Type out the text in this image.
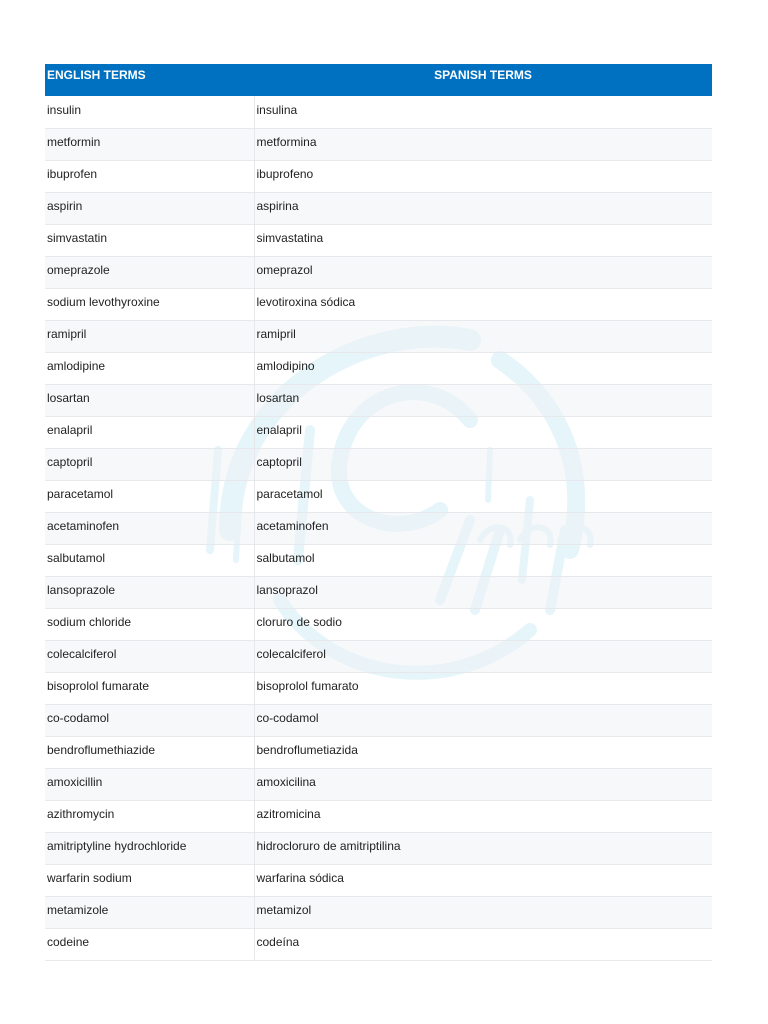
ENGLISH TERMS	SPANISH TERMS
insulin	insulina
metformin	metformina
ibuprofen	ibuprofeno
aspirin	aspirina
simvastatin	simvastatina
omeprazole	omeprazol
sodium levothyroxine	levotiroxina sódica
ramipril	ramipril
amlodipine	amlodipino
losartan	losartan
enalapril	enalapril
captopril	captopril
paracetamol	paracetamol
acetaminofen	acetaminofen
salbutamol	salbutamol
lansoprazole	lansoprazol
sodium chloride	cloruro de sodio
colecalciferol	colecalciferol
bisoprolol fumarate	bisoprolol fumarato
co-codamol	co-codamol
bendroflumethiazide	bendroflumetiazida
amoxicillin	amoxicilina
azithromycin	azitromicina
amitriptyline hydrochloride	hidrocloruro de amitriptilina
warfarin sodium	warfarina sódica
metamizole	metamizol
codeine	codeína
